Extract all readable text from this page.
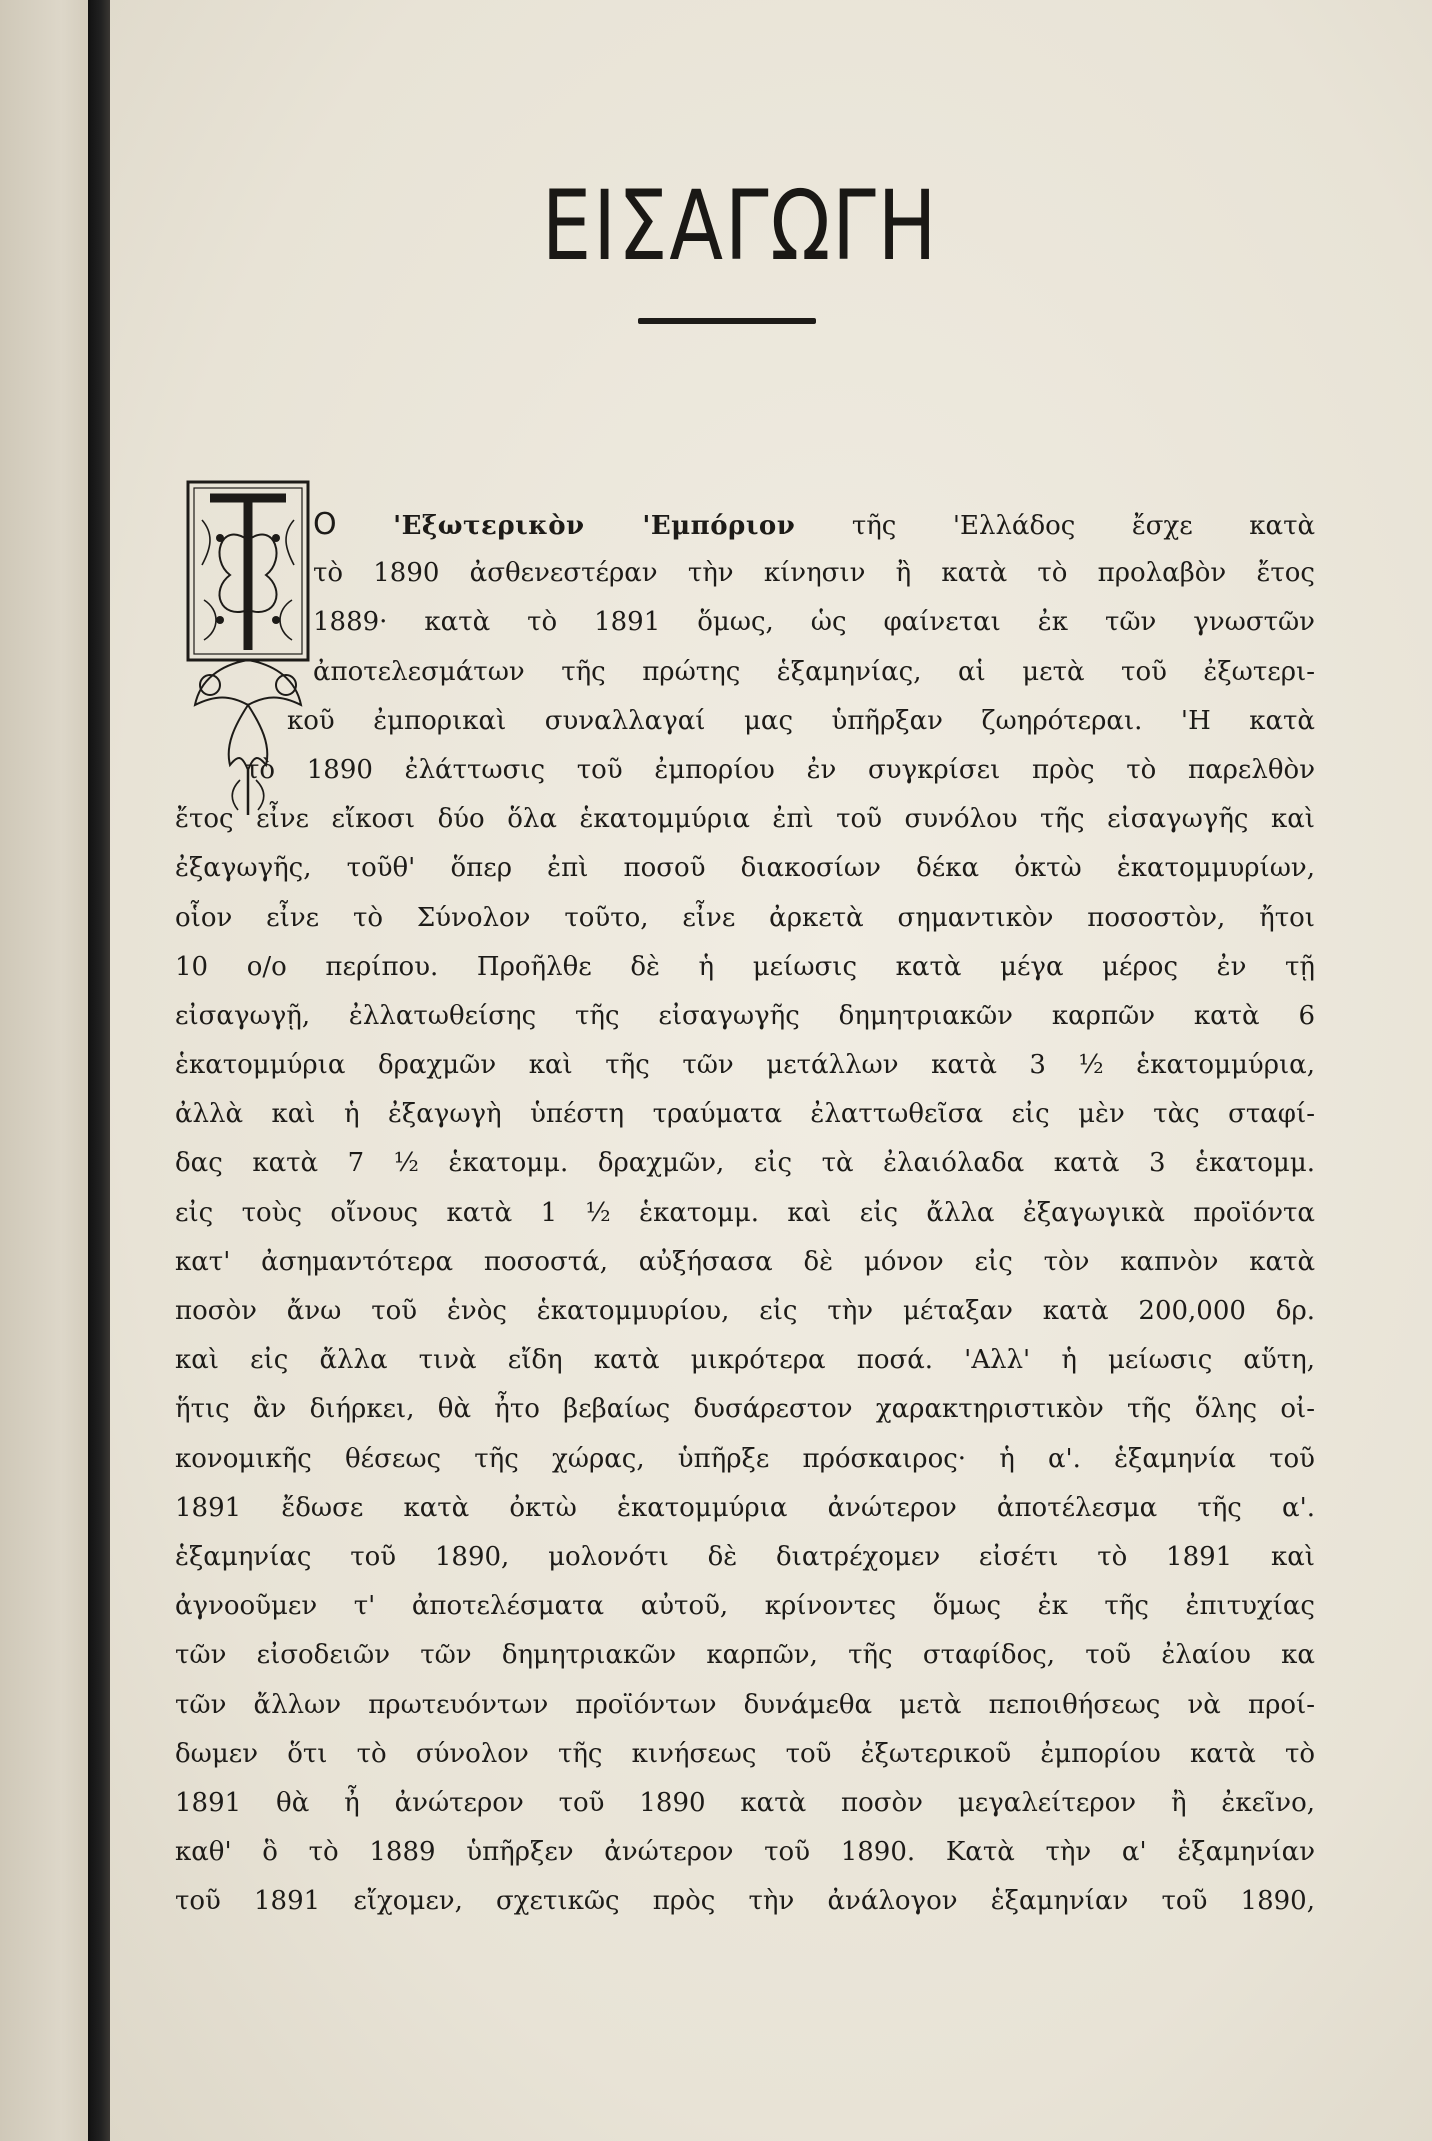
ΕΙΣΑΓΩΓΗ
Ο 'Εξωτερικὸν 'Εμπόριον τῆς 'Ελλάδος ἔσχε κατὰ
τὸ 1890 ἀσθενεστέραν τὴν κίνησιν ἢ κατὰ τὸ προλαβὸν ἔτος
1889· κατὰ τὸ 1891 ὅμως, ὡς φαίνεται ἐκ τῶν γνωστῶν
ἀποτελεσμάτων τῆς πρώτης ἑξαμηνίας, αἱ μετὰ τοῦ ἐξωτερι-
κοῦ ἐμπορικαὶ συναλλαγαί μας ὑπῆρξαν ζωηρότεραι. 'Η κατὰ
τὸ 1890 ἐλάττωσις τοῦ ἐμπορίου ἐν συγκρίσει πρὸς τὸ παρελθὸν
ἔτος εἶνε εἴκοσι δύο ὅλα ἑκατομμύρια ἐπὶ τοῦ συνόλου τῆς εἰσαγωγῆς καὶ
ἐξαγωγῆς, τοῦθ' ὅπερ ἐπὶ ποσοῦ διακοσίων δέκα ὀκτὼ ἑκατομμυρίων,
οἷον εἶνε τὸ Σύνολον τοῦτο, εἶνε ἀρκετὰ σημαντικὸν ποσοστὸν, ἤτοι
10 ο/ο περίπου. Προῆλθε δὲ ἡ μείωσις κατὰ μέγα μέρος ἐν τῇ
εἰσαγωγῇ, ἐλλατωθείσης τῆς εἰσαγωγῆς δημητριακῶν καρπῶν κατὰ 6
ἑκατομμύρια δραχμῶν καὶ τῆς τῶν μετάλλων κατὰ 3 ½ ἑκατομμύρια,
ἀλλὰ καὶ ἡ ἐξαγωγὴ ὑπέστη τραύματα ἐλαττωθεῖσα εἰς μὲν τὰς σταφί-
δας κατὰ 7 ½ ἑκατομμ. δραχμῶν, εἰς τὰ ἐλαιόλαδα κατὰ 3 ἑκατομμ.
εἰς τοὺς οἴνους κατὰ 1 ½ ἑκατομμ. καὶ εἰς ἄλλα ἐξαγωγικὰ προϊόντα
κατ' ἀσημαντότερα ποσοστά, αὐξήσασα δὲ μόνον εἰς τὸν καπνὸν κατὰ
ποσὸν ἄνω τοῦ ἑνὸς ἑκατομμυρίου, εἰς τὴν μέταξαν κατὰ 200,000 δρ.
καὶ εἰς ἄλλα τινὰ εἴδη κατὰ μικρότερα ποσά. 'Αλλ' ἡ μείωσις αὕτη,
ἥτις ἂν διήρκει, θὰ ἦτο βεβαίως δυσάρεστον χαρακτηριστικὸν τῆς ὅλης οἰ-
κονομικῆς θέσεως τῆς χώρας, ὑπῆρξε πρόσκαιρος· ἡ α'. ἑξαμηνία τοῦ
1891 ἔδωσε κατὰ ὀκτὼ ἑκατομμύρια ἀνώτερον ἀποτέλεσμα τῆς α'.
ἑξαμηνίας τοῦ 1890, μολονότι δὲ διατρέχομεν εἰσέτι τὸ 1891 καὶ
ἀγνοοῦμεν τ' ἀποτελέσματα αὐτοῦ, κρίνοντες ὅμως ἐκ τῆς ἐπιτυχίας
τῶν εἰσοδειῶν τῶν δημητριακῶν καρπῶν, τῆς σταφίδος, τοῦ ἐλαίου κα
τῶν ἄλλων πρωτευόντων προϊόντων δυνάμεθα μετὰ πεποιθήσεως νὰ προί-
δωμεν ὅτι τὸ σύνολον τῆς κινήσεως τοῦ ἐξωτερικοῦ ἐμπορίου κατὰ τὸ
1891 θὰ ἦ ἀνώτερον τοῦ 1890 κατὰ ποσὸν μεγαλείτερον ἢ ἐκεῖνο,
καθ' ὃ τὸ 1889 ὑπῆρξεν ἀνώτερον τοῦ 1890. Κατὰ τὴν α' ἑξαμηνίαν
τοῦ 1891 εἴχομεν, σχετικῶς πρὸς τὴν ἀνάλογον ἑξαμηνίαν τοῦ 1890,
